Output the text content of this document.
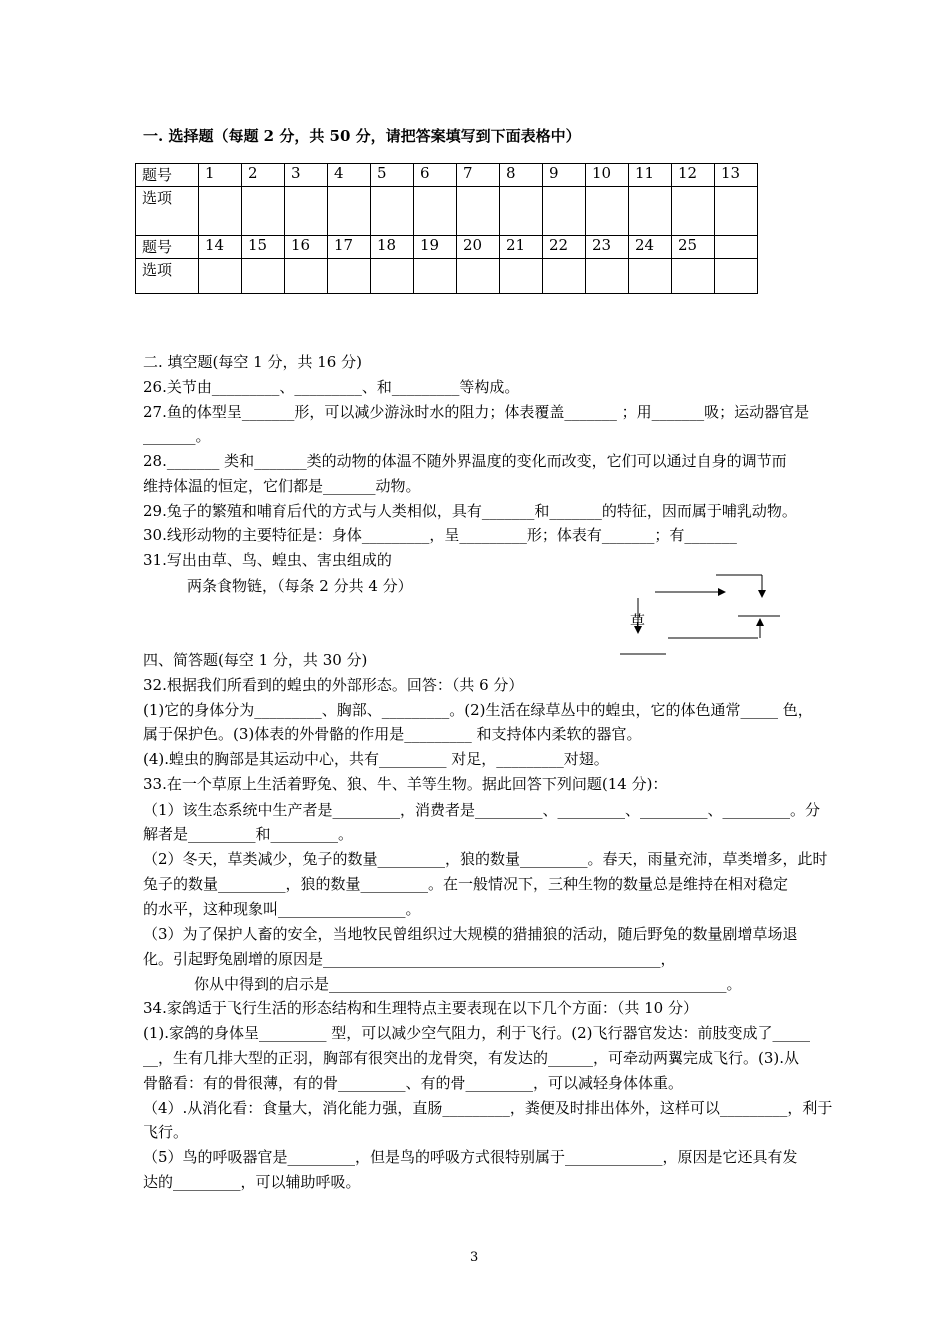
一. 选择题（每题 2 分，共 50 分，请把答案填写到下面表格中）
题号	1	2	3	4	5	6	7	8	9	10	11	12	13
选项													
题号	14	15	16	17	18	19	20	21	22	23	24	25	
选项													
二. 填空题(每空 1 分，共 16 分)
26.关节由_________、_________、和_________等构成。
27.鱼的体型呈_______形，可以减少游泳时水的阻力；体表覆盖_______ ；用_______吸；运动器官是
_______。
28._______ 类和_______类的动物的体温不随外界温度的变化而改变，它们可以通过自身的调节而
维持体温的恒定，它们都是_______动物。
29.兔子的繁殖和哺育后代的方式与人类相似，具有_______和_______的特征，因而属于哺乳动物。
30.线形动物的主要特征是：身体_________，呈_________形；体表有_______；有_______
31.写出由草、鸟、蝗虫、害虫组成的
两条食物链，（每条 2 分共 4 分）
草
四、简答题(每空 1 分，共 30 分)
32.根据我们所看到的蝗虫的外部形态。回答：（共 6 分）
(1)它的身体分为_________、胸部、_________。(2)生活在绿草丛中的蝗虫，它的体色通常_____ 色，
属于保护色。(3)体表的外骨骼的作用是_________ 和支持体内柔软的器官。
(4).蝗虫的胸部是其运动中心，共有_________ 对足，_________对翅。
33.在一个草原上生活着野兔、狼、牛、羊等生物。据此回答下列问题(14 分)：
（1）该生态系统中生产者是_________，消费者是_________、_________、_________、_________。分
解者是_________和_________。
（2）冬天，草类减少，兔子的数量_________，狼的数量_________。春天，雨量充沛，草类增多，此时
兔子的数量_________，狼的数量_________。在一般情况下，三种生物的数量总是维持在相对稳定
的水平，这种现象叫_________________。
（3）为了保护人畜的安全，当地牧民曾组织过大规模的猎捕狼的活动，随后野兔的数量剧增草场退
化。引起野兔剧增的原因是_____________________________________________，
你从中得到的启示是_____________________________________________________。
34.家鸽适于飞行生活的形态结构和生理特点主要表现在以下几个方面：（共 10 分）
(1).家鸽的身体呈_________ 型，可以减少空气阻力，利于飞行。(2)飞行器官发达：前肢变成了_____
__，生有几排大型的正羽，胸部有很突出的龙骨突，有发达的______，可牵动两翼完成飞行。(3).从
骨骼看：有的骨很薄，有的骨_________、有的骨_________，可以减轻身体体重。
（4）.从消化看：食量大，消化能力强，直肠_________，粪便及时排出体外，这样可以_________，利于
飞行。
（5）鸟的呼吸器官是_________，但是鸟的呼吸方式很特别属于_____________，原因是它还具有发
达的_________，可以辅助呼吸。
3
